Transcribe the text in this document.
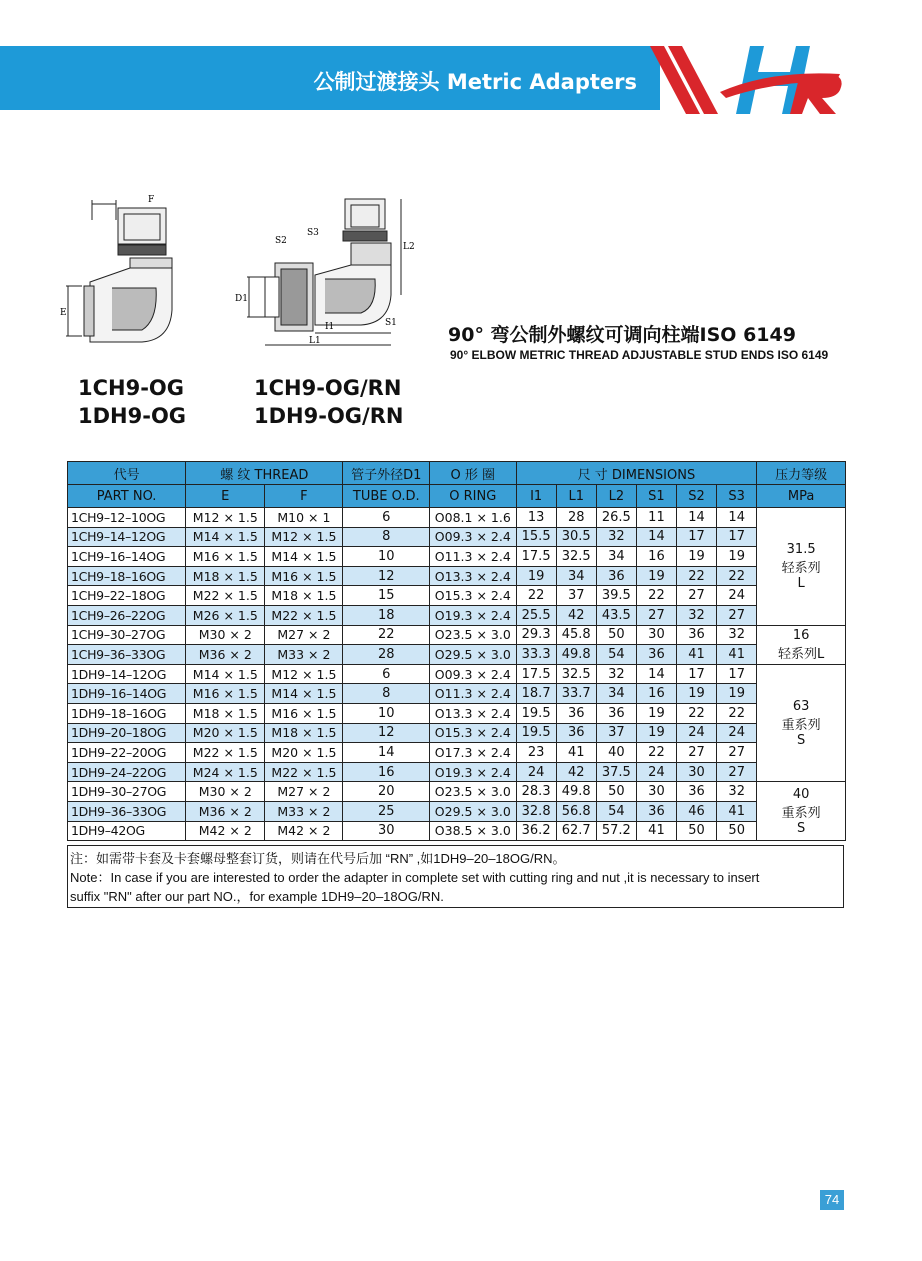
公制过渡接头 Metric Adapters
F
E
S2
S3
L2
D1
I1
L1
S1
1CH9-OG
1DH9-OG
1CH9-OG/RN
1DH9-OG/RN
90° 弯公制外螺纹可调向柱端ISO 6149
90° ELBOW METRIC THREAD ADJUSTABLE STUD ENDS ISO 6149
代号	螺 纹 THREAD		管子外径D1	O 形 圈	尺 寸 DIMENSIONS						压力等级
PART NO.	E	F	TUBE O.D.	O RING	I1	L1	L2	S1	S2	S3	MPa
1CH9–12–10OG	M12 × 1.5	M10 × 1	6	O08.1 × 1.6	13	28	26.5	11	14	14	31.5
轻系列
L

1CH9–14–12OG	M14 × 1.5	M12 × 1.5	8	O09.3 × 2.4	15.5	30.5	32	14	17	17	
1CH9–16–14OG	M16 × 1.5	M14 × 1.5	10	O11.3 × 2.4	17.5	32.5	34	16	19	19	
1CH9–18–16OG	M18 × 1.5	M16 × 1.5	12	O13.3 × 2.4	19	34	36	19	22	22	
1CH9–22–18OG	M22 × 1.5	M18 × 1.5	15	O15.3 × 2.4	22	37	39.5	22	27	24	
1CH9–26–22OG	M26 × 1.5	M22 × 1.5	18	O19.3 × 2.4	25.5	42	43.5	27	32	27	
1CH9–30–27OG	M30 × 2	M27 × 2	22	O23.5 × 3.0	29.3	45.8	50	30	36	32	16
轻系列L

1CH9–36–33OG	M36 × 2	M33 × 2	28	O29.5 × 3.0	33.3	49.8	54	36	41	41	
1DH9–14–12OG	M14 × 1.5	M12 × 1.5	6	O09.3 × 2.4	17.5	32.5	32	14	17	17	63
重系列
S

1DH9–16–14OG	M16 × 1.5	M14 × 1.5	8	O11.3 × 2.4	18.7	33.7	34	16	19	19	
1DH9–18–16OG	M18 × 1.5	M16 × 1.5	10	O13.3 × 2.4	19.5	36	36	19	22	22	
1DH9–20–18OG	M20 × 1.5	M18 × 1.5	12	O15.3 × 2.4	19.5	36	37	19	24	24	
1DH9–22–20OG	M22 × 1.5	M20 × 1.5	14	O17.3 × 2.4	23	41	40	22	27	27	
1DH9–24–22OG	M24 × 1.5	M22 × 1.5	16	O19.3 × 2.4	24	42	37.5	24	30	27	
1DH9–30–27OG	M30 × 2	M27 × 2	20	O23.5 × 3.0	28.3	49.8	50	30	36	32	40
重系列
S

1DH9–36–33OG	M36 × 2	M33 × 2	25	O29.5 × 3.0	32.8	56.8	54	36	46	41	
1DH9–42OG	M42 × 2	M42 × 2	30	O38.5 × 3.0	36.2	62.7	57.2	41	50	50	
注：如需带卡套及卡套螺母整套订货，则请在代号后加 “RN” ,如1DH9–20–18OG/RN。
Note：In case if you are interested to order the adapter in complete set with cutting ring and nut ,it is necessary to insert
suffix "RN" after our part NO.，for example 1DH9–20–18OG/RN.
74
